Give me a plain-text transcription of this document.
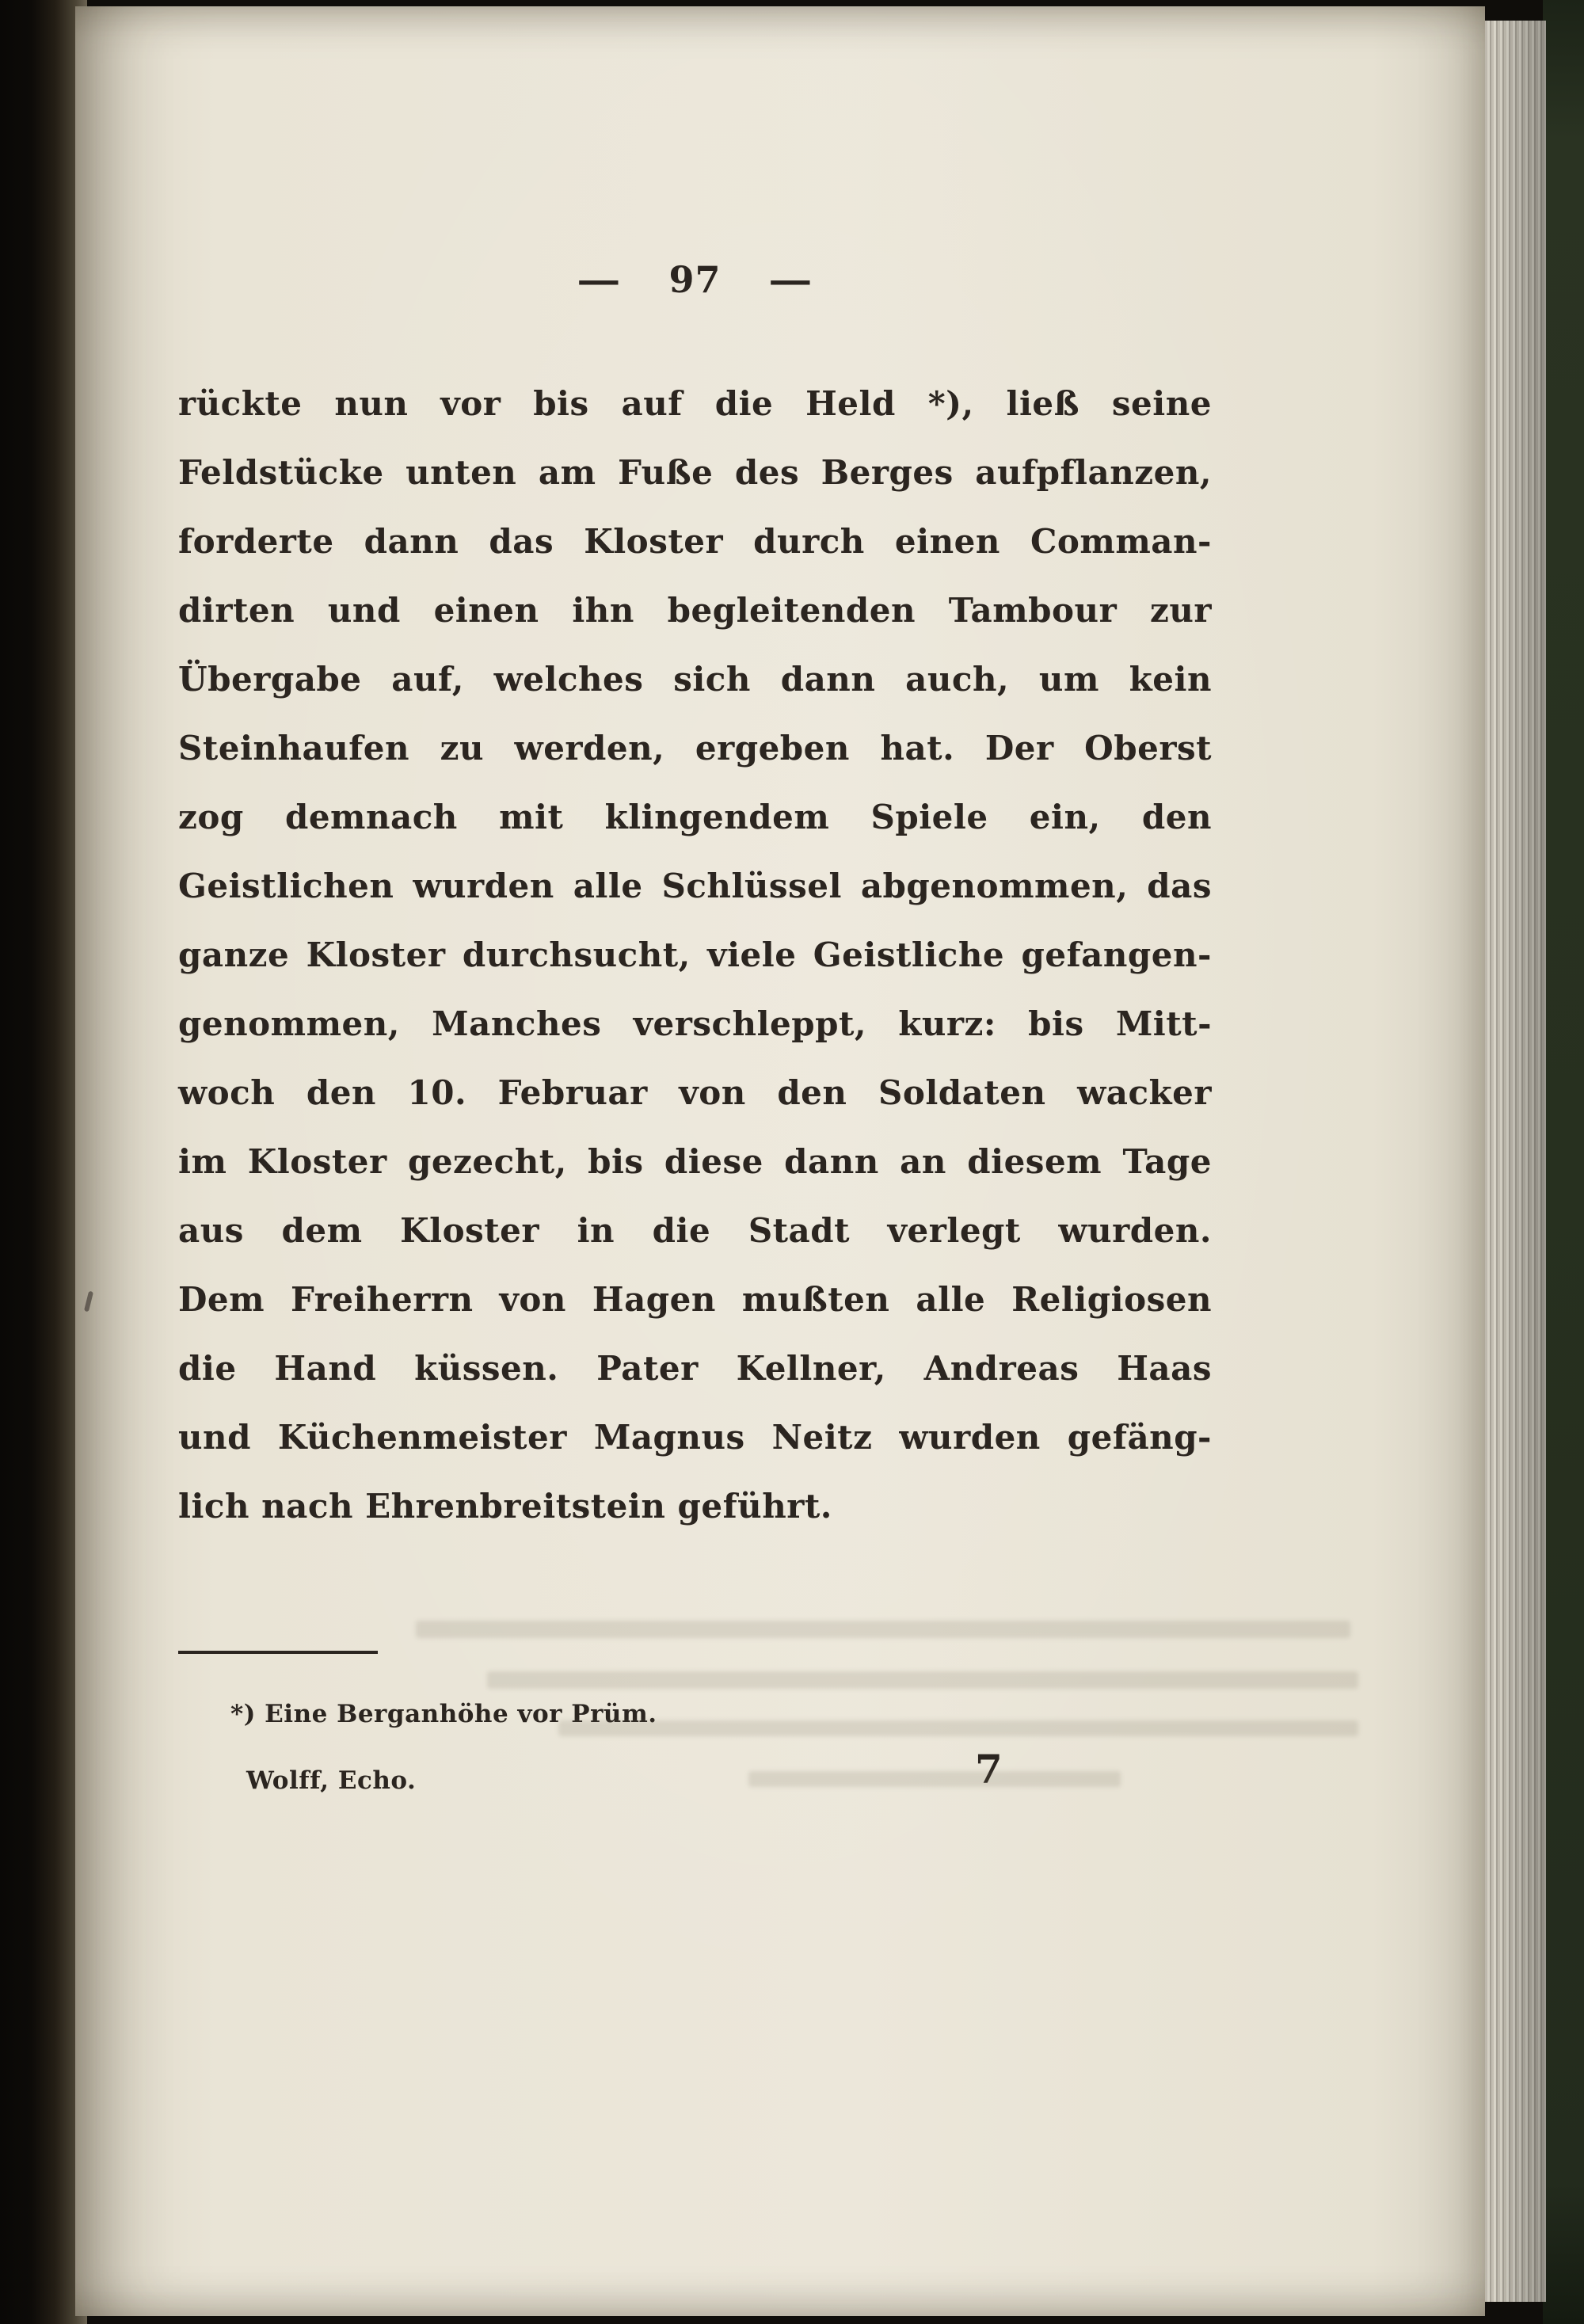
— 97 —
rückte nun vor bis auf die Held *), ließ seine
Feldstücke unten am Fuße des Berges aufpflanzen,
forderte dann das Kloster durch einen Comman-
dirten und einen ihn begleitenden Tambour zur
Übergabe auf, welches sich dann auch, um kein
Steinhaufen zu werden, ergeben hat. Der Oberst
zog demnach mit klingendem Spiele ein, den
Geistlichen wurden alle Schlüssel abgenommen, das
ganze Kloster durchsucht, viele Geistliche gefangen-
genommen, Manches verschleppt, kurz: bis Mitt-
woch den 10. Februar von den Soldaten wacker
im Kloster gezecht, bis diese dann an diesem Tage
aus dem Kloster in die Stadt verlegt wurden.
Dem Freiherrn von Hagen mußten alle Religiosen
die Hand küssen. Pater Kellner, Andreas Haas
und Küchenmeister Magnus Neitz wurden gefäng-
lich nach Ehrenbreitstein geführt.
*) Eine Berganhöhe vor Prüm.
Wolff, Echo.	7
